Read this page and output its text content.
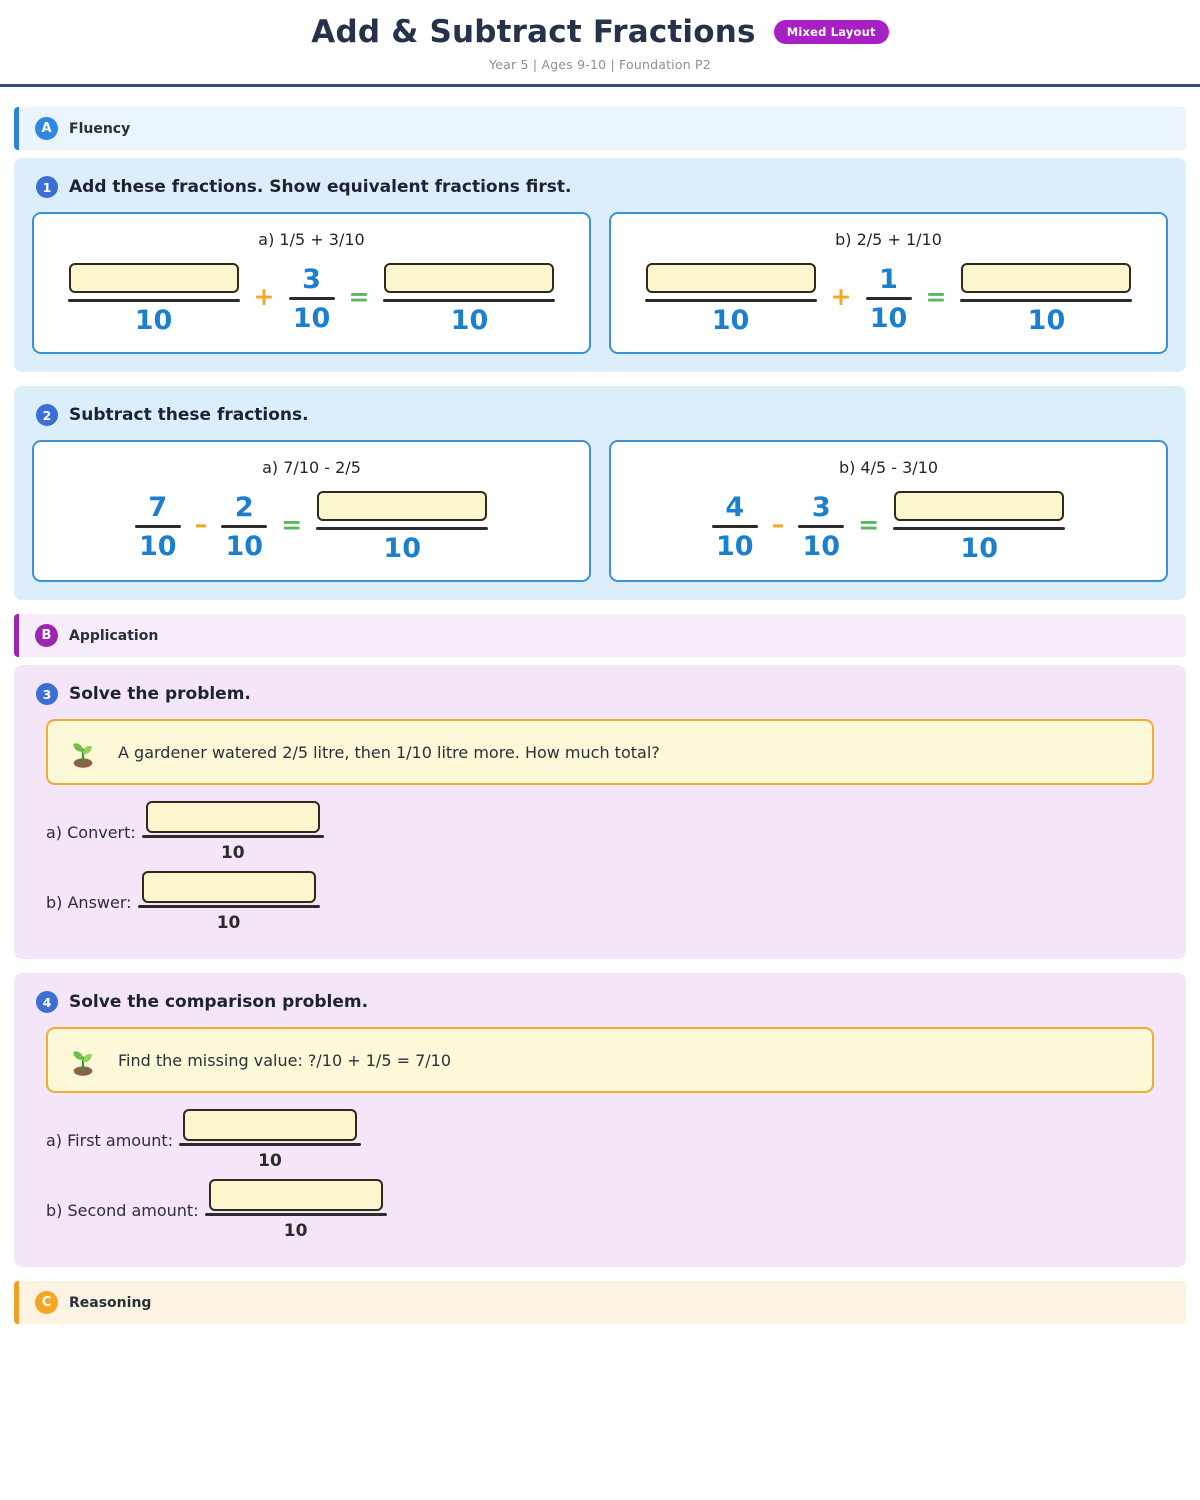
Add & Subtract Fractions	Mixed Layout
Year 5 | Ages 9-10 | Foundation P2
A	Fluency
1	Add these fractions. Show equivalent fractions first.
a) 1/5 + 3/10
10
+ $\frac{3}{10}$ =
10
b) 2/5 + 1/10
10
+ $\frac{1}{10}$ =
10
2	Subtract these fractions.
a) 7/10 - 2/5
$\frac{7}{10} - \frac{2}{10}$ =
10
b) 4/5 - 3/10
$\frac{4}{10} - \frac{3}{10}$ =
10
B	Application
3	Solve the problem.
A gardener watered 2/5 litre, then 1/10 litre more. How much total?
a) Convert:
10
b) Answer:
10
4	Solve the comparison problem.
Find the missing value: ?/10 + 1/5 = 7/10
a) First amount:
10
b) Second amount:
10
C	Reasoning
